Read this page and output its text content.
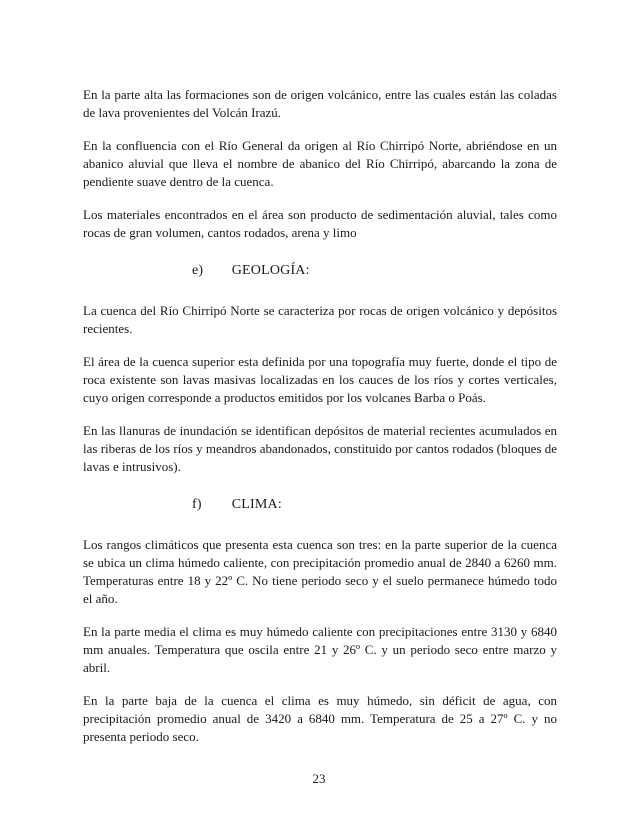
En la parte alta las formaciones son de origen volcánico, entre las cuales están las coladas de lava provenientes del Volcán Irazú.

En la confluencia con el Río General da origen al Río Chirripó Norte, abriéndose en un abanico aluvial que lleva el nombre de abanico del Río Chirripó, abarcando la zona de pendiente suave dentro de la cuenca.

Los materiales encontrados en el área son producto de sedimentación aluvial, tales como rocas de gran volumen, cantos rodados, arena y limo

e) GEOLOGÍA:

La cuenca del Río Chirripó Norte se caracteriza por rocas de origen volcánico y depósitos recientes.

El área de la cuenca superior esta definida por una topografía muy fuerte, donde el tipo de roca existente son lavas masivas localizadas en los cauces de los ríos y cortes verticales, cuyo origen corresponde a productos emitidos por los volcanes Barba o Poás.

En las llanuras de inundación se identifican depósitos de material recientes acumulados en las riberas de los ríos y meandros abandonados, constituido por cantos rodados (bloques de lavas e intrusivos).

f) CLIMA:

Los rangos climáticos que presenta esta cuenca son tres: en la parte superior de la cuenca se ubica un clima húmedo caliente, con precipitación promedio anual de 2840 a 6260 mm. Temperaturas entre 18 y 22º C. No tiene periodo seco y el suelo permanece húmedo todo el año.

En la parte media el clima es muy húmedo caliente con precipitaciones entre 3130 y 6840 mm anuales. Temperatura que oscila entre 21 y 26º C. y un periodo seco entre marzo y abril.

En la parte baja de la cuenca el clima es muy húmedo, sin déficit de agua, con precipitación promedio anual de 3420 a 6840 mm. Temperatura de 25 a 27º C. y no presenta periodo seco.

23
